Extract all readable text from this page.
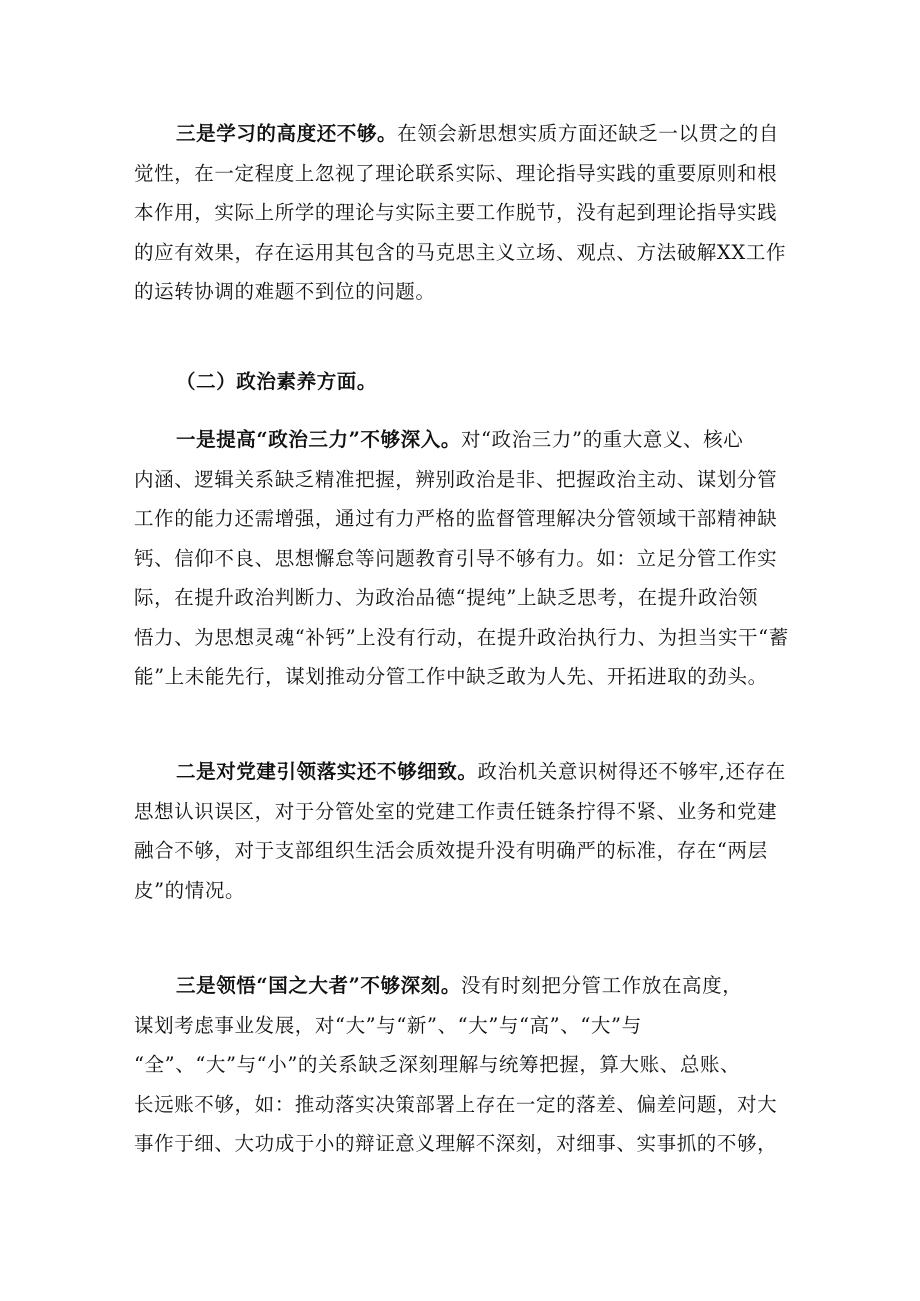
三是学习的高度还不够。在领会新思想实质方面还缺乏一以贯之的自
觉性，在一定程度上忽视了理论联系实际、理论指导实践的重要原则和根
本作用，实际上所学的理论与实际主要工作脱节，没有起到理论指导实践
的应有效果，存在运用其包含的马克思主义立场、观点、方法破解XX工作
的运转协调的难题不到位的问题。
（二）政治素养方面。
一是提高“政治三力”不够深入。对“政治三力”的重大意义、核心
内涵、逻辑关系缺乏精准把握，辨别政治是非、把握政治主动、谋划分管
工作的能力还需增强，通过有力严格的监督管理解决分管领域干部精神缺
钙、信仰不良、思想懈怠等问题教育引导不够有力。如：立足分管工作实
际，在提升政治判断力、为政治品德“提纯”上缺乏思考，在提升政治领
悟力、为思想灵魂“补钙”上没有行动，在提升政治执行力、为担当实干“蓄
能”上未能先行，谋划推动分管工作中缺乏敢为人先、开拓进取的劲头。
二是对党建引领落实还不够细致。政治机关意识树得还不够牢,还存在
思想认识误区，对于分管处室的党建工作责任链条拧得不紧、业务和党建
融合不够，对于支部组织生活会质效提升没有明确严的标准，存在“两层
皮”的情况。
三是领悟“国之大者”不够深刻。没有时刻把分管工作放在高度，
谋划考虑事业发展，对“大”与“新”、“大”与“高”、“大”与
“全”、“大”与“小”的关系缺乏深刻理解与统筹把握，算大账、总账、
长远账不够，如：推动落实决策部署上存在一定的落差、偏差问题，对大
事作于细、大功成于小的辩证意义理解不深刻，对细事、实事抓的不够，
